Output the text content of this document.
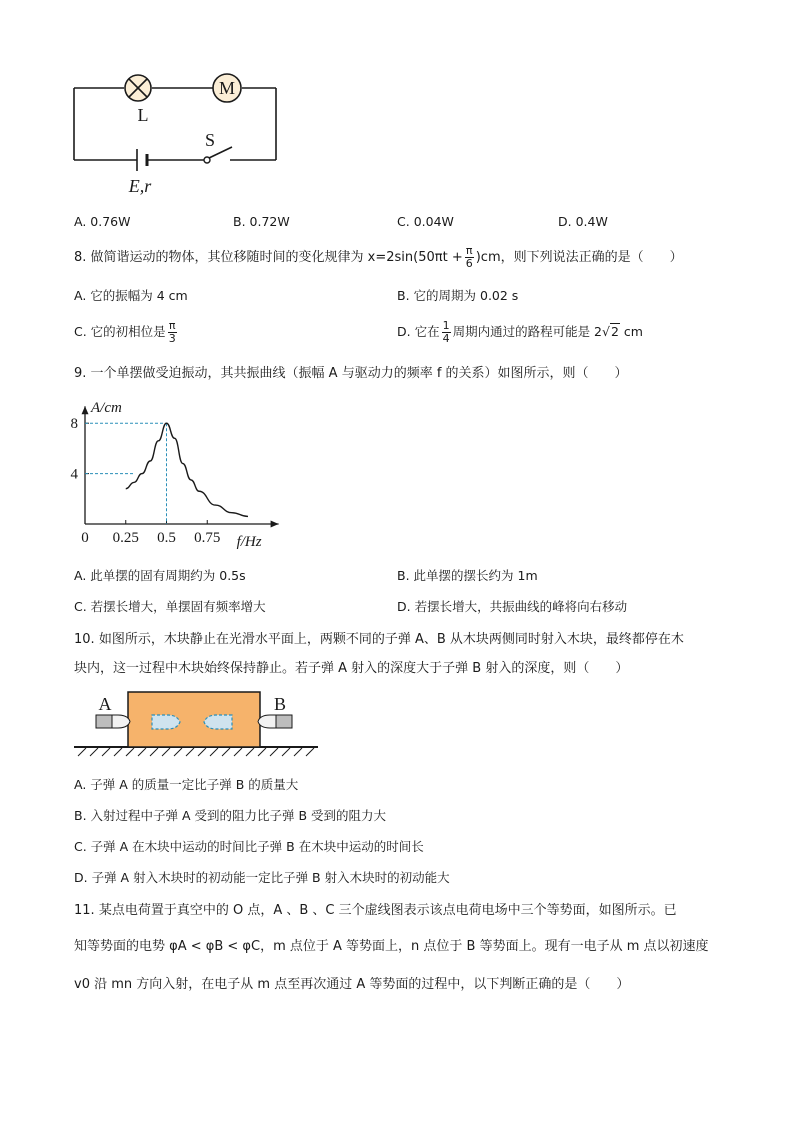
M
L
E,r
S
A. 0.76W	B. 0.72W	C. 0.04W	D. 0.4W
8. 做简谐运动的物体，其位移随时间的变化规律为 $x=2\sin(50\pi t + \frac{\pi}{6} )cm$，则下列说法正确的是（　　）
A. 它的振幅为 4 cm	B. 它的周期为 0.02 s
C. 它的初相位是 $\frac{\pi}{3}$	D. 它在 $\frac{1}{4}$ 周期内通过的路程可能是 2√2 cm
9. 一个单摆做受迫振动，其共振曲线（振幅 A 与驱动力的频率 f 的关系）如图所示，则（　　）
0 0.25 0.5 0.75
4
8
A/cm
f/Hz
A. 此单摆的固有周期约为 0.5s	B. 此单摆的摆长约为 1m
C. 若摆长增大，单摆固有频率增大	D. 若摆长增大，共振曲线的峰将向右移动
10. 如图所示，木块静止在光滑水平面上，两颗不同的子弹 A、B 从木块两侧同时射入木块，最终都停在木
块内，这一过程中木块始终保持静止。若子弹 A 射入的深度大于子弹 B 射入的深度，则（　　）
A	B
A. 子弹 A 的质量一定比子弹 B 的质量大
B. 入射过程中子弹 A 受到的阻力比子弹 B 受到的阻力大
C. 子弹 A 在木块中运动的时间比子弹 B 在木块中运动的时间长
D. 子弹 A 射入木块时的初动能一定比子弹 B 射入木块时的初动能大
11. 某点电荷置于真空中的 O 点，A 、B 、C 三个虚线图表示该点电荷电场中三个等势面，如图所示。已
知等势面的电势 φA < φB < φC，m 点位于 A 等势面上，n 点位于 B 等势面上。现有一电子从 m 点以初速度
v0 沿 mn 方向入射，在电子从 m 点至再次通过 A 等势面的过程中，以下判断正确的是（　　）
